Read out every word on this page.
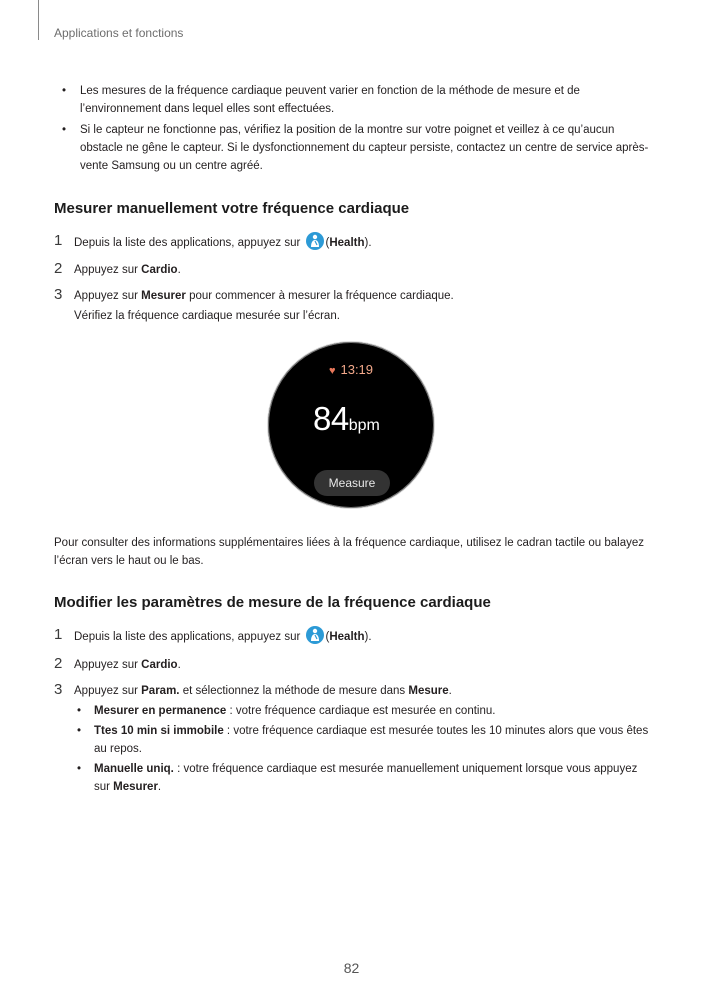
Applications et fonctions
• Les mesures de la fréquence cardiaque peuvent varier en fonction de la méthode de mesure et de l’environnement dans lequel elles sont effectuées.
• Si le capteur ne fonctionne pas, vérifiez la position de la montre sur votre poignet et veillez à ce qu’aucun obstacle ne gêne le capteur. Si le dysfonctionnement du capteur persiste, contactez un centre de service après-vente Samsung ou un centre agréé.
Mesurer manuellement votre fréquence cardiaque
1 Depuis la liste des applications, appuyez sur (Health).
2 Appuyez sur Cardio.
3 Appuyez sur Mesurer pour commencer à mesurer la fréquence cardiaque.
Vérifiez la fréquence cardiaque mesurée sur l’écran.
Pour consulter des informations supplémentaires liées à la fréquence cardiaque, utilisez le cadran tactile ou balayez l’écran vers le haut ou le bas.
Modifier les paramètres de mesure de la fréquence cardiaque
1 Depuis la liste des applications, appuyez sur (Health).
2 Appuyez sur Cardio.
3 Appuyez sur Param. et sélectionnez la méthode de mesure dans Mesure.
• Mesurer en permanence : votre fréquence cardiaque est mesurée en continu.
• Ttes 10 min si immobile : votre fréquence cardiaque est mesurée toutes les 10 minutes alors que vous êtes au repos.
• Manuelle uniq. : votre fréquence cardiaque est mesurée manuellement uniquement lorsque vous appuyez sur Mesurer.
♥ 13:19
84bpm
Measure
82
